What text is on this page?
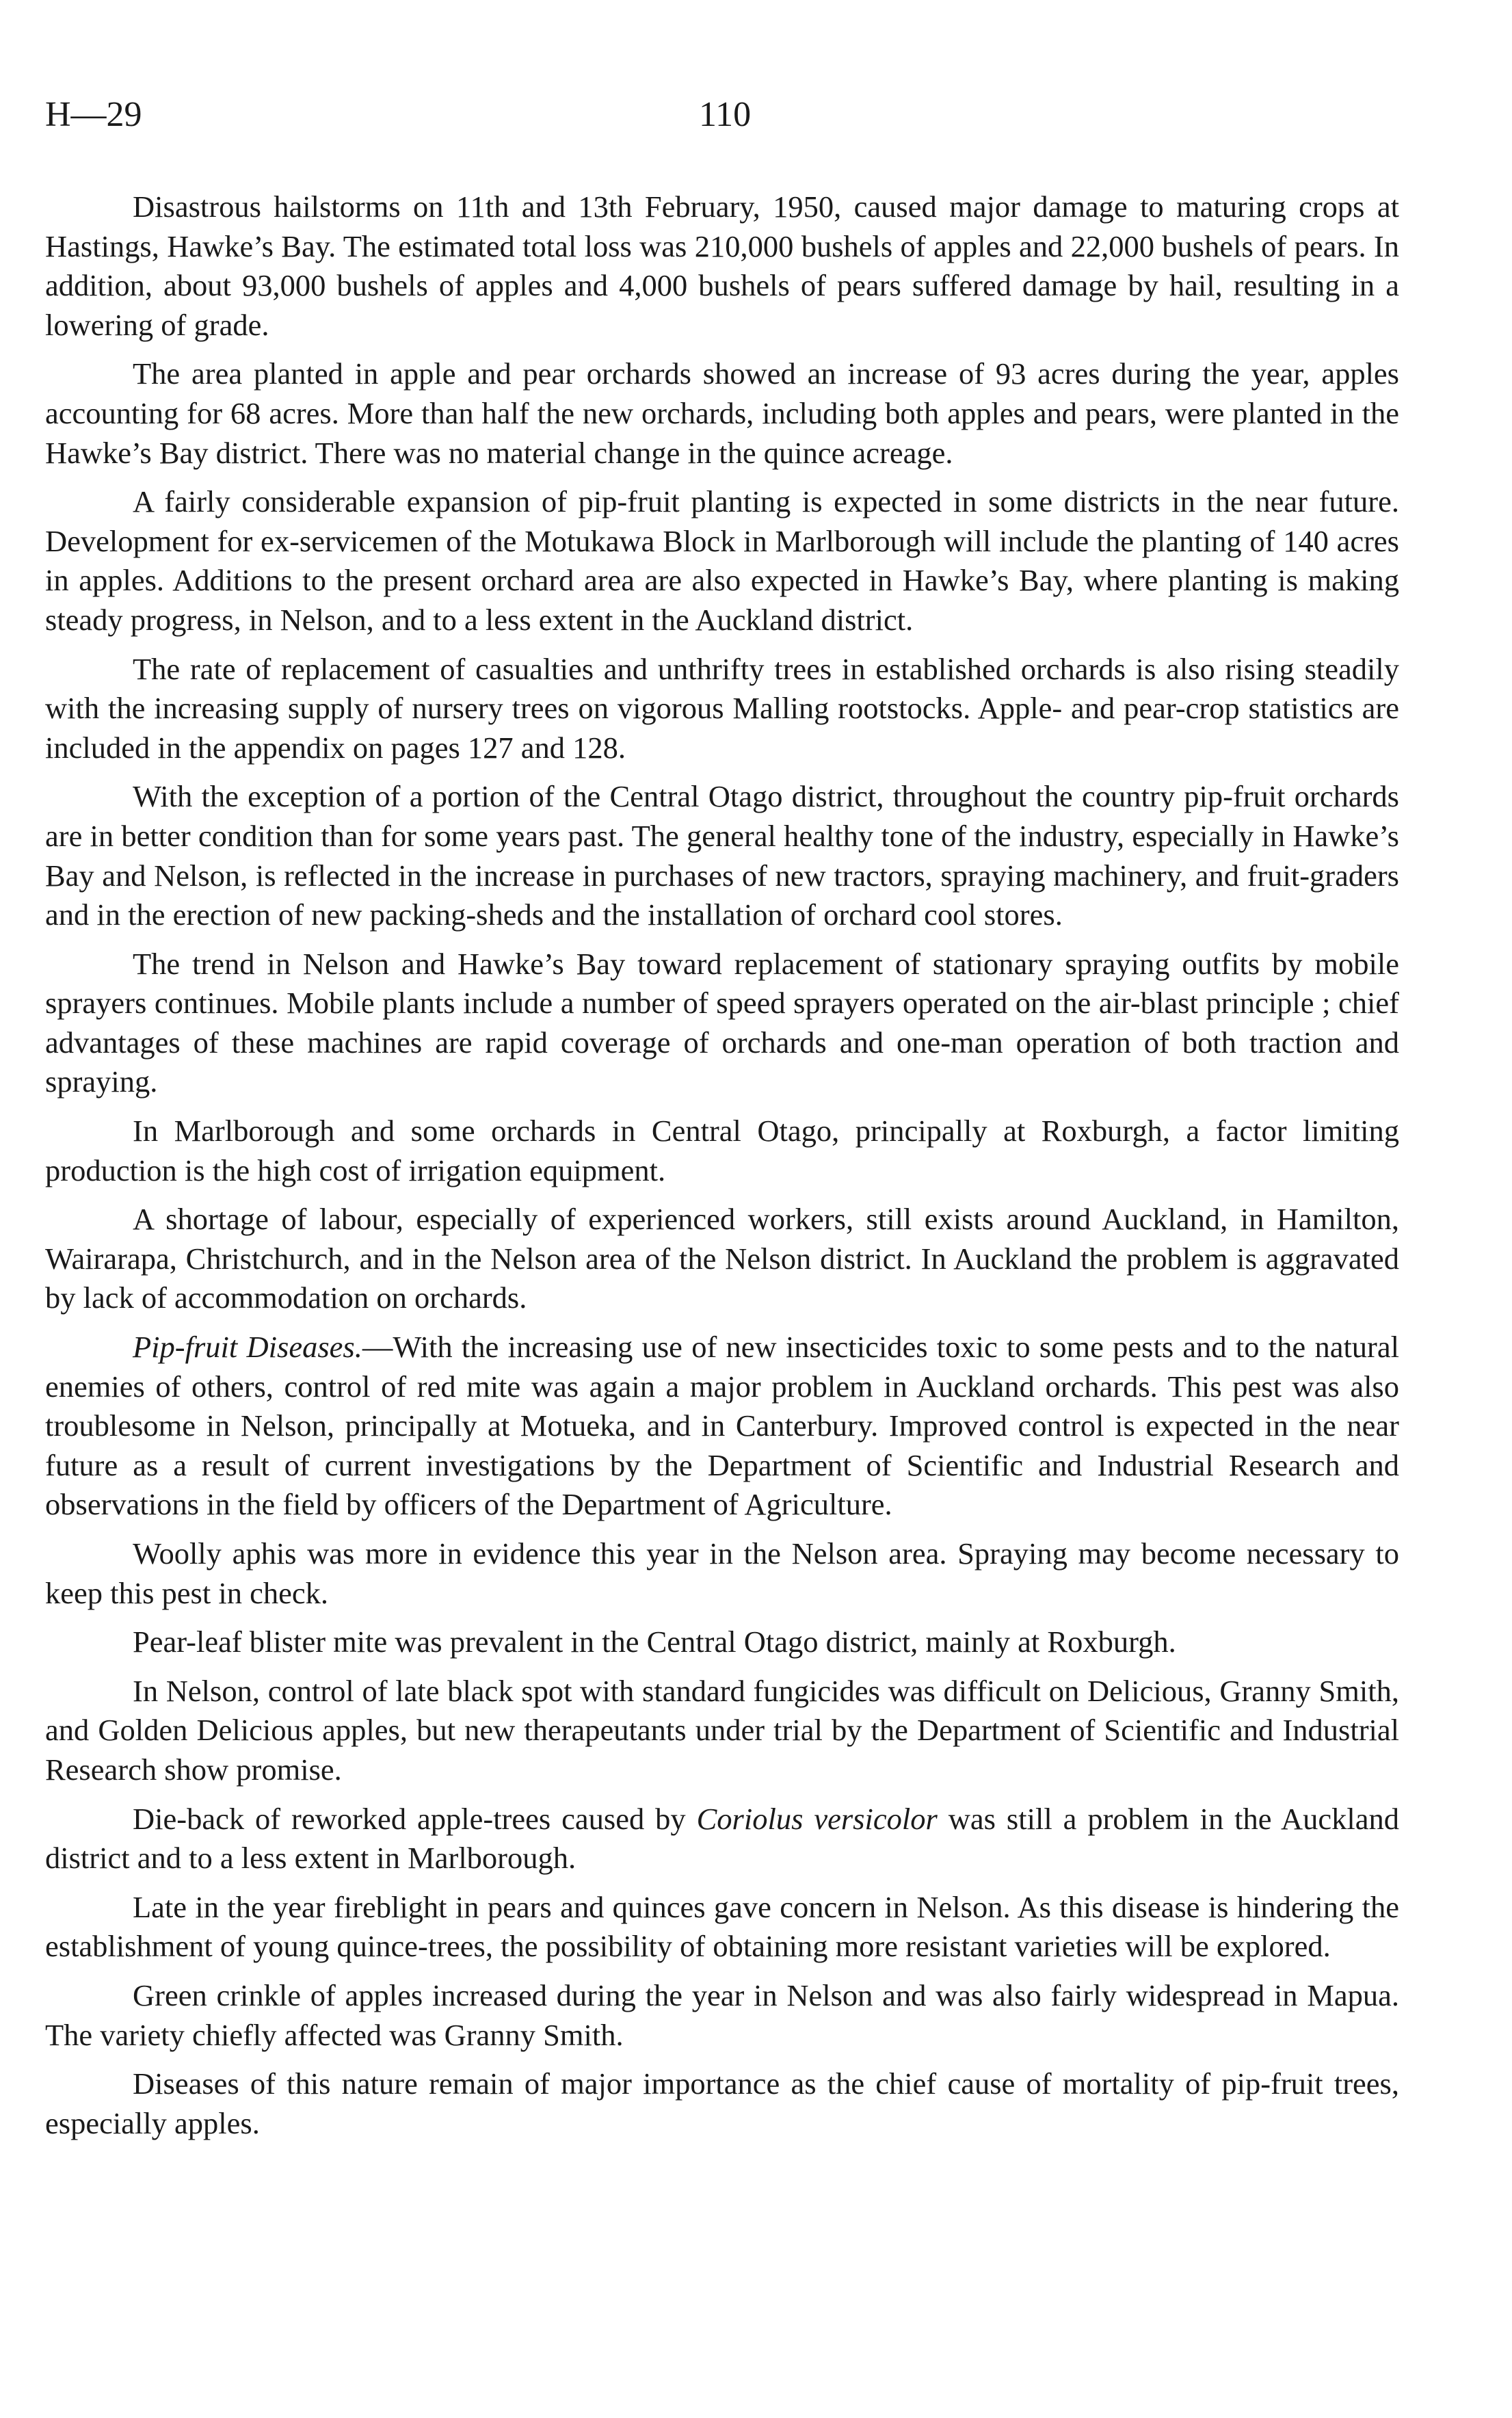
H—29	110

Disastrous hailstorms on 11th and 13th February, 1950, caused major damage to maturing crops at Hastings, Hawke’s Bay. The estimated total loss was 210,000 bushels of apples and 22,000 bushels of pears. In addition, about 93,000 bushels of apples and 4,000 bushels of pears suffered damage by hail, resulting in a lowering of grade.

The area planted in apple and pear orchards showed an increase of 93 acres during the year, apples accounting for 68 acres. More than half the new orchards, including both apples and pears, were planted in the Hawke’s Bay district. There was no material change in the quince acreage.

A fairly considerable expansion of pip-fruit planting is expected in some districts in the near future. Development for ex-servicemen of the Motukawa Block in Marlborough will include the planting of 140 acres in apples. Additions to the present orchard area are also expected in Hawke’s Bay, where planting is making steady progress, in Nelson, and to a less extent in the Auckland district.

The rate of replacement of casualties and unthrifty trees in established orchards is also rising steadily with the increasing supply of nursery trees on vigorous Malling rootstocks. Apple- and pear-crop statistics are included in the appendix on pages 127 and 128.

With the exception of a portion of the Central Otago district, throughout the country pip-fruit orchards are in better condition than for some years past. The general healthy tone of the industry, especially in Hawke’s Bay and Nelson, is reflected in the increase in purchases of new tractors, spraying machinery, and fruit-graders and in the erection of new packing-sheds and the installation of orchard cool stores.

The trend in Nelson and Hawke’s Bay toward replacement of stationary spraying outfits by mobile sprayers continues. Mobile plants include a number of speed sprayers operated on the air-blast principle ; chief advantages of these machines are rapid coverage of orchards and one-man operation of both traction and spraying.

In Marlborough and some orchards in Central Otago, principally at Roxburgh, a factor limiting production is the high cost of irrigation equipment.

A shortage of labour, especially of experienced workers, still exists around Auckland, in Hamilton, Wairarapa, Christchurch, and in the Nelson area of the Nelson district. In Auckland the problem is aggravated by lack of accommodation on orchards.

Pip-fruit Diseases.—With the increasing use of new insecticides toxic to some pests and to the natural enemies of others, control of red mite was again a major problem in Auckland orchards. This pest was also troublesome in Nelson, principally at Motueka, and in Canterbury. Improved control is expected in the near future as a result of current investigations by the Department of Scientific and Industrial Research and observations in the field by officers of the Department of Agriculture.

Woolly aphis was more in evidence this year in the Nelson area. Spraying may become necessary to keep this pest in check.

Pear-leaf blister mite was prevalent in the Central Otago district, mainly at Roxburgh.

In Nelson, control of late black spot with standard fungicides was difficult on Delicious, Granny Smith, and Golden Delicious apples, but new therapeutants under trial by the Department of Scientific and Industrial Research show promise.

Die-back of reworked apple-trees caused by Coriolus versicolor was still a problem in the Auckland district and to a less extent in Marlborough.

Late in the year fireblight in pears and quinces gave concern in Nelson. As this disease is hindering the establishment of young quince-trees, the possibility of obtaining more resistant varieties will be explored.

Green crinkle of apples increased during the year in Nelson and was also fairly widespread in Mapua. The variety chiefly affected was Granny Smith.

Diseases of this nature remain of major importance as the chief cause of mortality of pip-fruit trees, especially apples.
